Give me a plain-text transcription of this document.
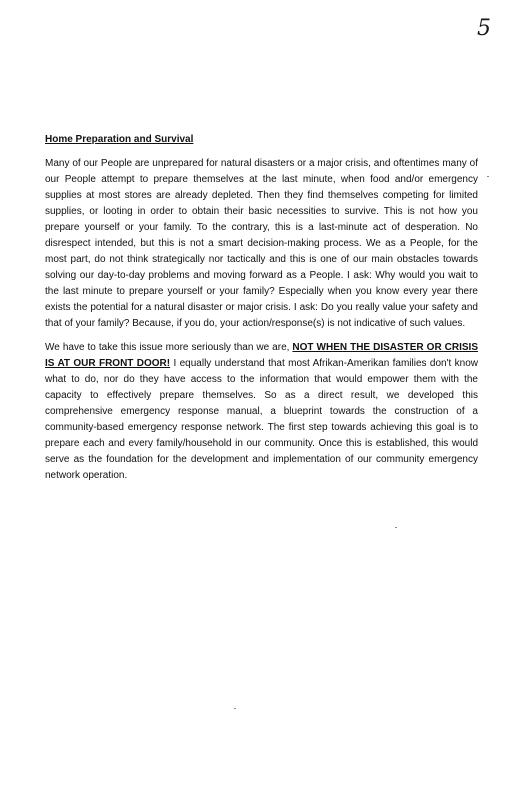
5
Home Preparation and Survival

Many of our People are unprepared for natural disasters or a major crisis, and oftentimes many of our People attempt to prepare themselves at the last minute, when food and/or emergency supplies at most stores are already depleted. Then they find themselves competing for limited supplies, or looting in order to obtain their basic necessities to survive. This is not how you prepare yourself or your family. To the contrary, this is a last-minute act of desperation. No disrespect intended, but this is not a smart decision-making process. We as a People, for the most part, do not think strategically nor tactically and this is one of our main obstacles towards solving our day-to-day problems and moving forward as a People. I ask: Why would you wait to the last minute to prepare yourself or your family? Especially when you know every year there exists the potential for a natural disaster or major crisis. I ask: Do you really value your safety and that of your family? Because, if you do, your action/response(s) is not indicative of such values.

We have to take this issue more seriously than we are, NOT WHEN THE DISASTER OR CRISIS IS AT OUR FRONT DOOR! I equally understand that most Afrikan-Amerikan families don't know what to do, nor do they have access to the information that would empower them with the capacity to effectively prepare themselves. So as a direct result, we developed this comprehensive emergency response manual, a blueprint towards the construction of a community-based emergency response network. The first step towards achieving this goal is to prepare each and every family/household in our community. Once this is established, this would serve as the foundation for the development and implementation of our community emergency network operation.
